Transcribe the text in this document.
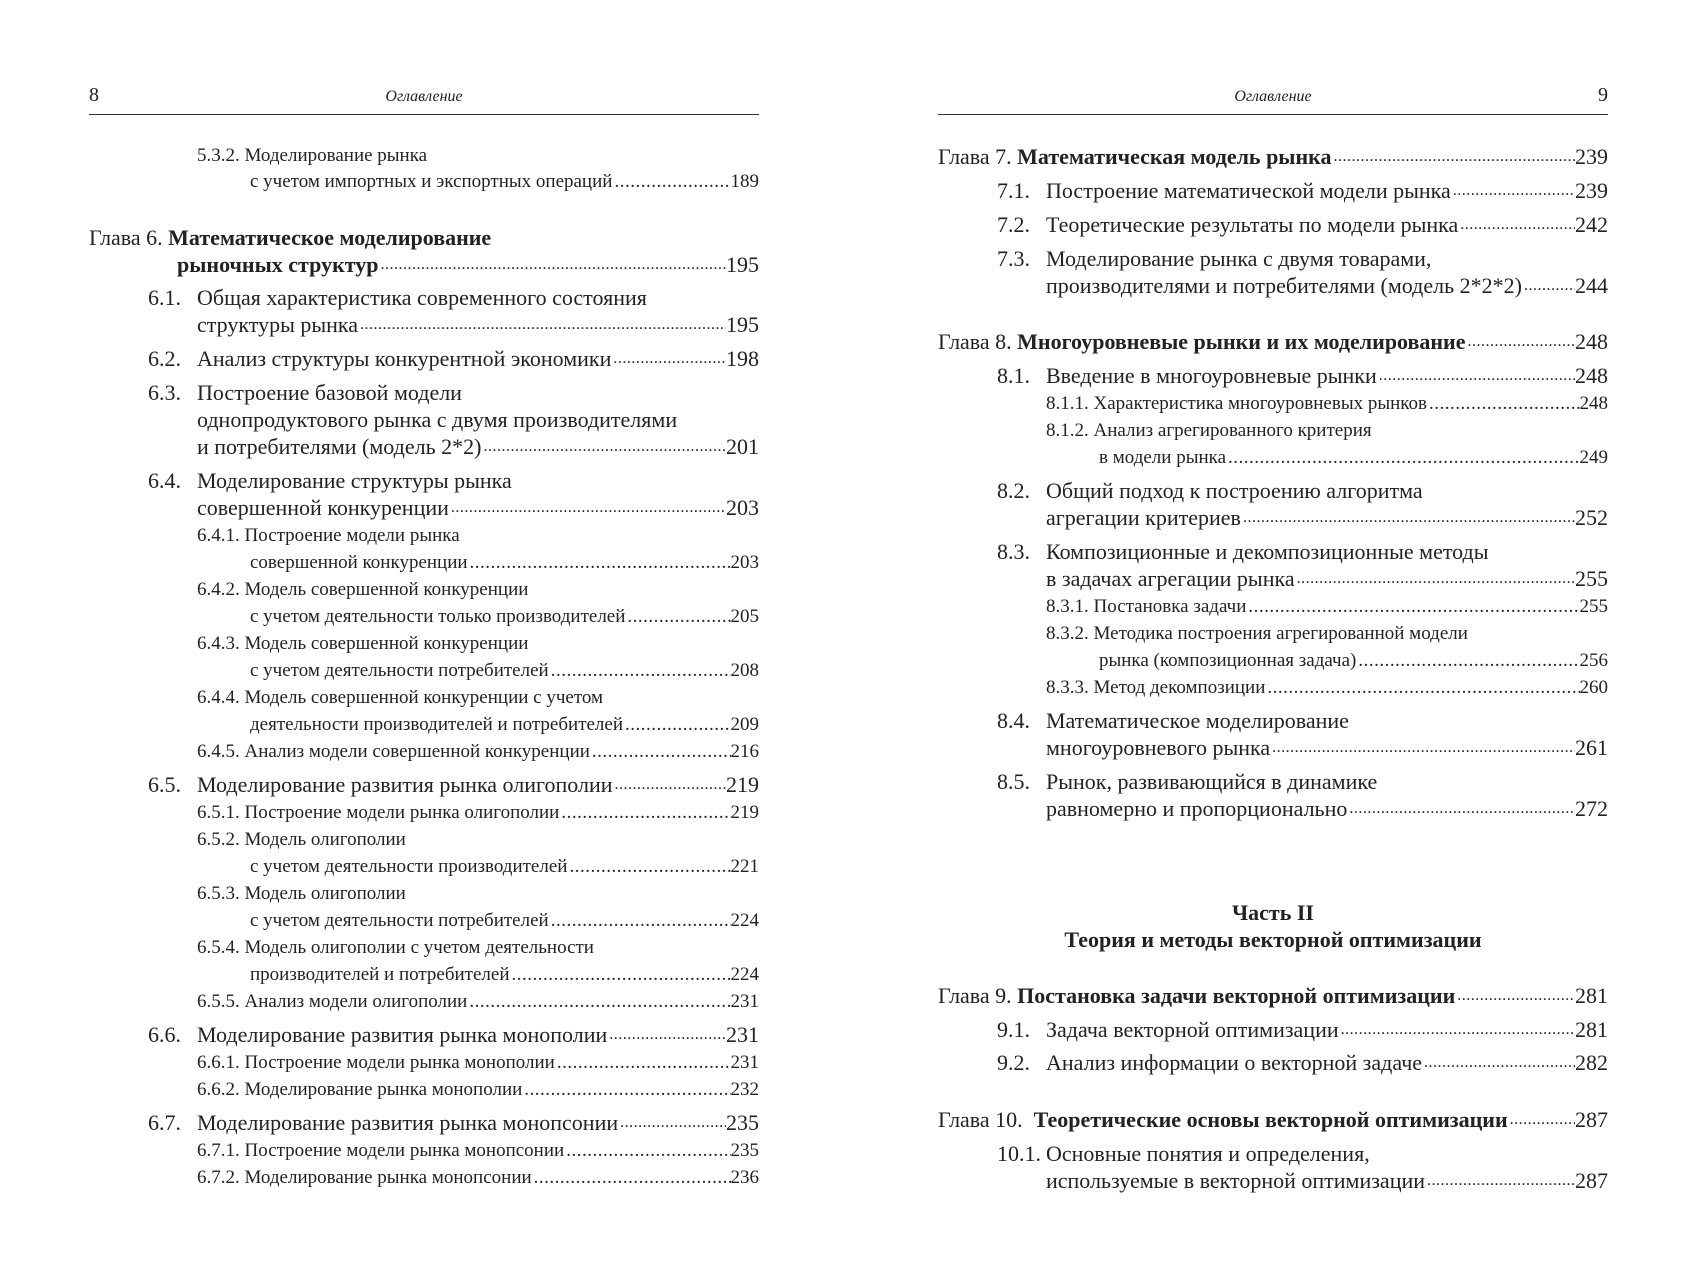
8	Оглавление
5.3.2. Моделирование рынка
с учетом импортных и экспортных операций .....	189
Глава 6.
Математическое моделирование
рыночных структур .....	195
6.1. Общая характеристика современного состояния
структуры рынка .....	195
6.2. Анализ структуры конкурентной экономики .....	198
6.3. Построение базовой модели
однопродуктового рынка с двумя производителями
и потребителями (модель 2*2) .....	201
6.4. Моделирование структуры рынка
совершенной конкуренции .....	203
6.4.1. Построение модели рынка
совершенной конкуренции .....	203
6.4.2. Модель совершенной конкуренции
с учетом деятельности только производителей .....	205
6.4.3. Модель совершенной конкуренции
с учетом деятельности потребителей .....	208
6.4.4. Модель совершенной конкуренции с учетом
деятельности производителей и потребителей .....	209
6.4.5. Анализ модели совершенной конкуренции .....	216
6.5. Моделирование развития рынка олигополии .....	219
6.5.1. Построение модели рынка олигополии .....	219
6.5.2. Модель олигополии
с учетом деятельности производителей .....	221
6.5.3. Модель олигополии
с учетом деятельности потребителей .....	224
6.5.4. Модель олигополии с учетом деятельности
производителей и потребителей .....	224
6.5.5. Анализ модели олигополии .....	231
6.6. Моделирование развития рынка монополии .....	231
6.6.1. Построение модели рынка монополии .....	231
6.6.2. Моделирование рынка монополии .....	232
6.7. Моделирование развития рынка монопсонии .....	235
6.7.1. Построение модели рынка монопсонии .....	235
6.7.2. Моделирование рынка монопсонии .....	236
Оглавление	9
Глава 7.
Математическая модель рынка .....	239
7.1. Построение математической модели рынка .....	239
7.2. Теоретические результаты по модели рынка .....	242
7.3. Моделирование рынка с двумя товарами,
производителями и потребителями (модель 2*2*2) ..... 244
Глава 8.
Многоуровневые рынки и их моделирование .....	248
8.1. Введение в многоуровневые рынки .....	248
8.1.1. Характеристика многоуровневых рынков .....	248
8.1.2. Анализ агрегированного критерия
в модели рынка .....	249
8.2. Общий подход к построению алгоритма
агрегации критериев .....	252
8.3. Композиционные и декомпозиционные методы
в задачах агрегации рынка .....	255
8.3.1. Постановка задачи .....	255
8.3.2. Методика построения агрегированной модели
рынка (композиционная задача) .....	256
8.3.3. Метод декомпозиции .....	260
8.4. Математическое моделирование
многоуровневого рынка .....	261
8.5. Рынок, развивающийся в динамике
равномерно и пропорционально .....	272
Часть II
Теория и методы векторной оптимизации
Глава 9.
Постановка задачи векторной оптимизации .....	281
9.1. Задача векторной оптимизации .....	281
9.2. Анализ информации о векторной задаче .....	282
Глава 10.
Теоретические основы векторной оптимизации .....	287
10.1. Основные понятия и определения,
используемые в векторной оптимизации .....	287
